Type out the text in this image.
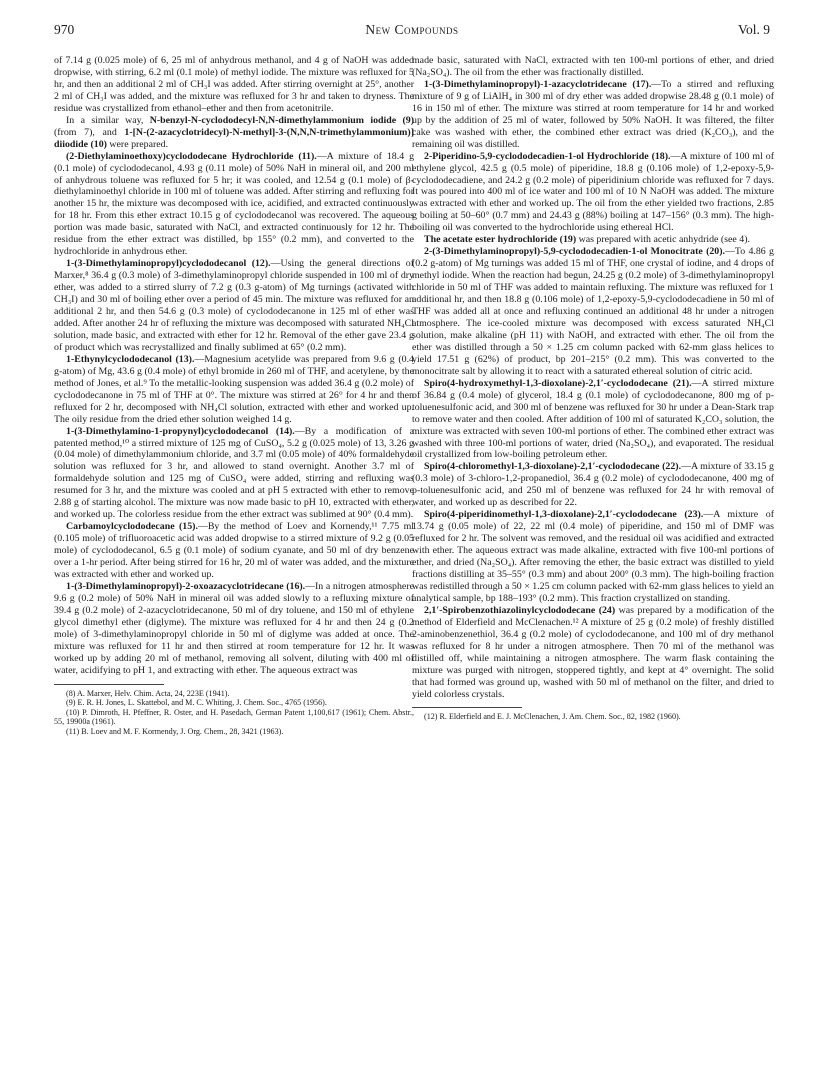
970	New Compounds	Vol. 9

of 7.14 g (0.025 mole) of 6, 25 ml of anhydrous methanol, and 4 g of NaOH was added dropwise, with stirring, 6.2 ml (0.1 mole) of methyl iodide. The mixture was refluxed for 5 hr, and then an additional 2 ml of CH₃I was added. After stirring overnight at 25°, another 2 ml of CH₃I was added, and the mixture was refluxed for 3 hr and taken to dryness. The residue was crystallized from ethanol–ether and then from acetonitrile.

In a similar way, N-benzyl-N-cyclododecyl-N,N-dimethylammonium iodide (9) (from 7), and 1-[N-(2-azacyclotridecyl)-N-methyl]-3-(N,N,N-trimethylammonium)] diiodide (10) were prepared.

(2-Diethylaminoethoxy)cyclododecane Hydrochloride (11).—A mixture of 18.4 g (0.1 mole) of cyclododecanol, 4.93 g (0.11 mole) of 50% NaH in mineral oil, and 200 ml of anhydrous toluene was refluxed for 5 hr; it was cooled, and 12.54 g (0.1 mole) of β-diethylaminoethyl chloride in 100 ml of toluene was added. After stirring and refluxing for another 15 hr, the mixture was decomposed with ice, acidified, and extracted continuously for 18 hr. From this ether extract 10.15 g of cyclododecanol was recovered. The aqueous portion was made basic, saturated with NaCl, and extracted continuously for 12 hr. The residue from the ether extract was distilled, bp 155° (0.2 mm), and converted to the hydrochloride in anhydrous ether.

1-(3-Dimethylaminopropyl)cyclododecanol (12).—Using the general directions of Marxer,⁸ 36.4 g (0.3 mole) of 3-dimethylaminopropyl chloride suspended in 100 ml of dry ether, was added to a stirred slurry of 7.2 g (0.3 g-atom) of Mg turnings (activated with CH₃I) and 30 ml of boiling ether over a period of 45 min. The mixture was refluxed for an additional 2 hr, and then 54.6 g (0.3 mole) of cyclododecanone in 125 ml of ether was added. After another 24 hr of refluxing the mixture was decomposed with saturated NH₄Cl solution, made basic, and extracted with ether for 12 hr. Removal of the ether gave 23.4 g of product which was recrystallized and finally sublimed at 65° (0.2 mm).

1-Ethynylcyclododecanol (13).—Magnesium acetylide was prepared from 9.6 g (0.4 g-atom) of Mg, 43.6 g (0.4 mole) of ethyl bromide in 260 ml of THF, and acetylene, by the method of Jones, et al.⁹ To the metallic-looking suspension was added 36.4 g (0.2 mole) of cyclododecanone in 75 ml of THF at 0°. The mixture was stirred at 26° for 4 hr and then refluxed for 2 hr, decomposed with NH₄Cl solution, extracted with ether and worked up. The oily residue from the dried ether solution weighed 14 g.

1-(3-Dimethylamino-1-propynyl)cyclododecanol (14).—By a modification of a patented method,¹⁰ a stirred mixture of 125 mg of CuSO₄, 5.2 g (0.025 mole) of 13, 3.26 g (0.04 mole) of dimethylammonium chloride, and 3.7 ml (0.05 mole) of 40% formaldehyde solution was refluxed for 3 hr, and allowed to stand overnight. Another 3.7 ml of formaldehyde solution and 125 mg of CuSO₄ were added, stirring and refluxing was resumed for 3 hr, and the mixture was cooled and at pH 5 extracted with ether to remove 2.88 g of starting alcohol. The mixture was now made basic to pH 10, extracted with ether, and worked up. The colorless residue from the ether extract was sublimed at 90° (0.4 mm).

Carbamoylcyclododecane (15).—By the method of Loev and Kornendy,¹¹ 7.75 ml (0.105 mole) of trifluoroacetic acid was added dropwise to a stirred mixture of 9.2 g (0.05 mole) of cyclododecanol, 6.5 g (0.1 mole) of sodium cyanate, and 50 ml of dry benzene over a 1-hr period. After being stirred for 16 hr, 20 ml of water was added, and the mixture was extracted with ether and worked up.

1-(3-Dimethylaminopropyl)-2-oxoazacyclotridecane (16).—In a nitrogen atmosphere 9.6 g (0.2 mole) of 50% NaH in mineral oil was added slowly to a refluxing mixture of 39.4 g (0.2 mole) of 2-azacyclotridecanone, 50 ml of dry toluene, and 150 ml of ethylene glycol dimethyl ether (diglyme). The mixture was refluxed for 4 hr and then 24 g (0.2 mole) of 3-dimethylaminopropyl chloride in 50 ml of diglyme was added at once. The mixture was refluxed for 11 hr and then stirred at room temperature for 12 hr. It was worked up by adding 20 ml of methanol, removing all solvent, diluting with 400 ml of water, acidifying to pH 1, and extracting with ether. The aqueous extract was

(8) A. Marxer, Helv. Chim. Acta, 24, 223E (1941).

(9) E. R. H. Jones, L. Skattebol, and M. C. Whiting, J. Chem. Soc., 4765 (1956).

(10) P. Dimroth, H. Pfeffner, R. Oster, and H. Pasedach, German Patent 1,100,617 (1961); Chem. Abstr., 55, 19900a (1961).

(11) B. Loev and M. F. Kormendy, J. Org. Chem., 28, 3421 (1963).

made basic, saturated with NaCl, extracted with ten 100-ml portions of ether, and dried (Na₂SO₄). The oil from the ether was fractionally distilled.

1-(3-Dimethylaminopropyl)-1-azacyclotridecane (17).—To a stirred and refluxing mixture of 9 g of LiAlH₄ in 300 ml of dry ether was added dropwise 28.48 g (0.1 mole) of 16 in 150 ml of ether. The mixture was stirred at room temperature for 14 hr and worked up by the addition of 25 ml of water, followed by 50% NaOH. It was filtered, the filter cake was washed with ether, the combined ether extract was dried (K₂CO₃), and the remaining oil was distilled.

2-Piperidino-5,9-cyclododecadien-1-ol Hydrochloride (18).—A mixture of 100 ml of ethylene glycol, 42.5 g (0.5 mole) of piperidine, 18.8 g (0.106 mole) of 1,2-epoxy-5,9-cyclododecadiene, and 24.2 g (0.2 mole) of piperidinium chloride was refluxed for 7 days. It was poured into 400 ml of ice water and 100 ml of 10 N NaOH was added. The mixture was extracted with ether and worked up. The oil from the ether yielded two fractions, 2.85 g boiling at 50–60° (0.7 mm) and 24.43 g (88%) boiling at 147–156° (0.3 mm). The high-boiling oil was converted to the hydrochloride using ethereal HCl.

The acetate ester hydrochloride (19) was prepared with acetic anhydride (see 4).

2-(3-Dimethylaminopropyl)-5,9-cyclododecadien-1-ol Monocitrate (20).—To 4.86 g (0.2 g-atom) of Mg turnings was added 15 ml of THF, one crystal of iodine, and 4 drops of methyl iodide. When the reaction had begun, 24.25 g (0.2 mole) of 3-dimethylaminopropyl chloride in 50 ml of THF was added to maintain refluxing. The mixture was refluxed for 1 additional hr, and then 18.8 g (0.106 mole) of 1,2-epoxy-5,9-cyclododecadiene in 50 ml of THF was added all at once and refluxing continued an additional 48 hr under a nitrogen atmosphere. The ice-cooled mixture was decomposed with excess saturated NH₄Cl solution, make alkaline (pH 11) with NaOH, and extracted with ether. The oil from the ether was distilled through a 50 × 1.25 cm column packed with 62-mm glass helices to yield 17.51 g (62%) of product, bp 201–215° (0.2 mm). This was converted to the monocitrate salt by allowing it to react with a saturated ethereal solution of citric acid.

Spiro(4-hydroxymethyl-1,3-dioxolane)-2,1′-cyclododecane (21).—A stirred mixture of 36.84 g (0.4 mole) of glycerol, 18.4 g (0.1 mole) of cyclododecanone, 800 mg of p-toluenesulfonic acid, and 300 ml of benzene was refluxed for 30 hr under a Dean-Stark trap to remove water and then cooled. After addition of 100 ml of saturated K₂CO₃ solution, the mixture was extracted with seven 100-ml portions of ether. The combined ether extract was washed with three 100-ml portions of water, dried (Na₂SO₄), and evaporated. The residual oil crystallized from low-boiling petroleum ether.

Spiro(4-chloromethyl-1,3-dioxolane)-2,1′-cyclododecane (22).—A mixture of 33.15 g (0.3 mole) of 3-chloro-1,2-propanediol, 36.4 g (0.2 mole) of cyclododecanone, 400 mg of p-toluenesulfonic acid, and 250 ml of benzene was refluxed for 24 hr with removal of water, and worked up as described for 22.

Spiro(4-piperidinomethyl-1,3-dioxolane)-2,1′-cyclododecane (23).—A mixture of 13.74 g (0.05 mole) of 22, 22 ml (0.4 mole) of piperidine, and 150 ml of DMF was refluxed for 2 hr. The solvent was removed, and the residual oil was acidified and extracted with ether. The aqueous extract was made alkaline, extracted with five 100-ml portions of ether, and dried (Na₂SO₄). After removing the ether, the basic extract was distilled to yield fractions distilling at 35–55° (0.3 mm) and about 200° (0.3 mm). The high-boiling fraction was redistilled through a 50 × 1.25 cm column packed with 62-mm glass helices to yield an analytical sample, bp 188–193° (0.2 mm). This fraction crystallized on standing.

2,1′-Spirobenzothiazolinylcyclododecane (24) was prepared by a modification of the method of Elderfield and McClenachen.¹² A mixture of 25 g (0.2 mole) of freshly distilled 2-aminobenzenethiol, 36.4 g (0.2 mole) of cyclododecanone, and 100 ml of dry methanol was refluxed for 8 hr under a nitrogen atmosphere. Then 70 ml of the methanol was distilled off, while maintaining a nitrogen atmosphere. The warm flask containing the mixture was purged with nitrogen, stoppered tightly, and kept at 4° overnight. The solid that had formed was ground up, washed with 50 ml of methanol on the filter, and dried to yield colorless crystals.

(12) R. Elderfield and E. J. McClenachen, J. Am. Chem. Soc., 82, 1982 (1960).
